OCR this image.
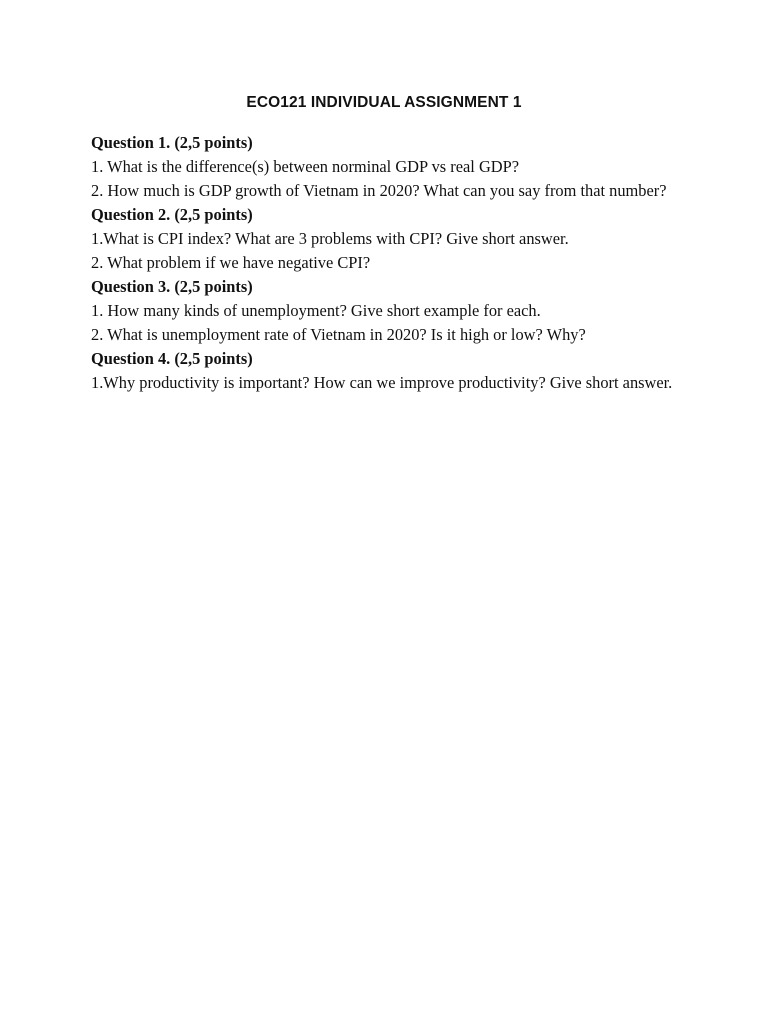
ECO121 INDIVIDUAL ASSIGNMENT 1

Question 1. (2,5 points)

1. What is the difference(s) between norminal GDP vs real GDP?

2. How much is GDP growth of Vietnam in 2020? What can you say from that number?

Question 2. (2,5 points)

1.What is CPI index? What are 3 problems with CPI? Give short answer.

2. What problem if we have negative CPI?

Question 3. (2,5 points)

1. How many kinds of unemployment? Give short example for each.

2. What is unemployment rate of Vietnam in 2020? Is it high or low? Why?

Question 4. (2,5 points)

1.Why productivity is important? How can we improve productivity? Give short answer.
